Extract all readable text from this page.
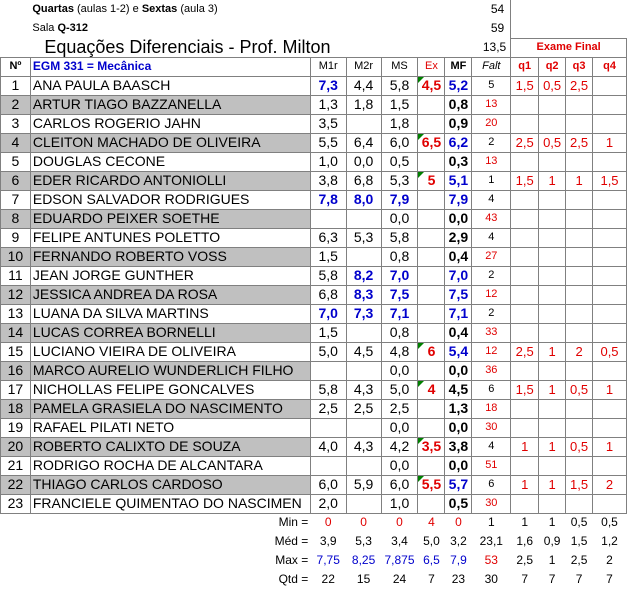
	Quartas (aulas 1-2) e Sextas (aula 3)					54					
	Sala Q-312					59					
	Equações Diferenciais - Prof. Milton					13,5		Exame Final			
Nº	EGM 331 = Mecânica	M1r	M2r	MS	Ex	MF	Falt	q1	q2	q3	q4
1	ANA PAULA BAASCH	7,3	4,4	5,8	4,5	5,2	5	1,5	0,5	2,5	
2	ARTUR TIAGO BAZZANELLA	1,3	1,8	1,5		0,8	13				
3	CARLOS ROGERIO JAHN	3,5		1,8		0,9	20				
4	CLEITON MACHADO DE OLIVEIRA	5,5	6,4	6,0	6,5	6,2	2	2,5	0,5	2,5	1
5	DOUGLAS CECONE	1,0	0,0	0,5		0,3	13				
6	EDER RICARDO ANTONIOLLI	3,8	6,8	5,3	5	5,1	1	1,5	1	1	1,5
7	EDSON SALVADOR RODRIGUES	7,8	8,0	7,9		7,9	4				
8	EDUARDO PEIXER SOETHE			0,0		0,0	43				
9	FELIPE ANTUNES POLETTO	6,3	5,3	5,8		2,9	4				
10	FERNANDO ROBERTO VOSS	1,5		0,8		0,4	27				
11	JEAN JORGE GUNTHER	5,8	8,2	7,0		7,0	2				
12	JESSICA ANDREA DA ROSA	6,8	8,3	7,5		7,5	12				
13	LUANA DA SILVA MARTINS	7,0	7,3	7,1		7,1	2				
14	LUCAS CORREA BORNELLI	1,5		0,8		0,4	33				
15	LUCIANO VIEIRA DE OLIVEIRA	5,0	4,5	4,8	6	5,4	12	2,5	1	2	0,5
16	MARCO AURELIO WUNDERLICH FILHO			0,0		0,0	36				
17	NICHOLLAS FELIPE GONCALVES	5,8	4,3	5,0	4	4,5	6	1,5	1	0,5	1
18	PAMELA GRASIELA DO NASCIMENTO	2,5	2,5	2,5		1,3	18				
19	RAFAEL PILATI NETO			0,0		0,0	30				
20	ROBERTO CALIXTO DE SOUZA	4,0	4,3	4,2	3,5	3,8	4	1	1	0,5	1
21	RODRIGO ROCHA DE ALCANTARA			0,0		0,0	51				
22	THIAGO CARLOS CARDOSO	6,0	5,9	6,0	5,5	5,7	6	1	1	1,5	2
23	FRANCIELE QUIMENTAO DO NASCIMEN	2,0		1,0		0,5	30				
Min =		0	0	0	4	0	1	1	1	0,5	0,5
Méd =		3,9	5,3	3,4	5,0	3,2	23,1	1,6	0,9	1,5	1,2
Max =		7,75	8,25	7,875	6,5	7,9	53	2,5	1	2,5	2
Qtd =		22	15	24	7	23	30	7	7	7	7
